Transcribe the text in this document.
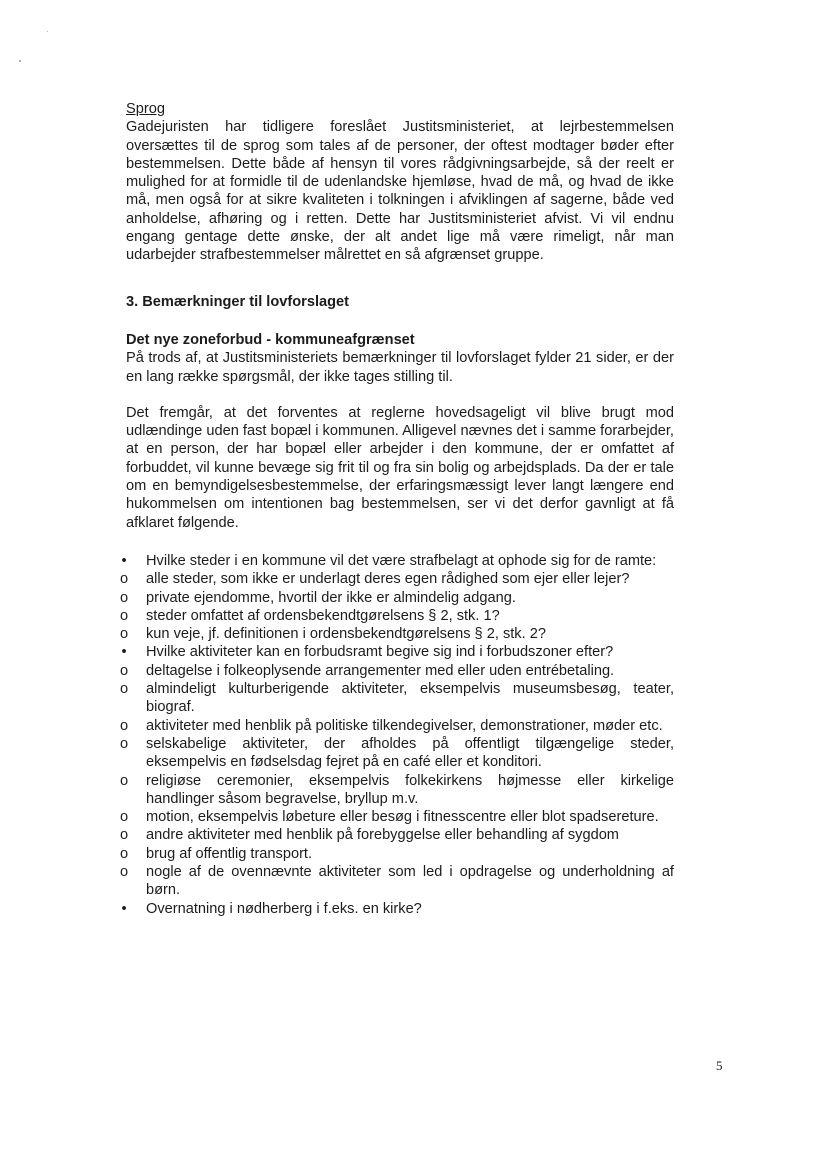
Sprog

Gadejuristen har tidligere foreslået Justitsministeriet, at lejrbestemmelsen oversættes til de sprog som tales af de personer, der oftest modtager bøder efter bestemmelsen. Dette både af hensyn til vores rådgivningsarbejde, så der reelt er mulighed for at formidle til de udenlandske hjemløse, hvad de må, og hvad de ikke må, men også for at sikre kvaliteten i tolkningen i afviklingen af sagerne, både ved anholdelse, afhøring og i retten. Dette har Justitsministeriet afvist. Vi vil endnu engang gentage dette ønske, der alt andet lige må være rimeligt, når man udarbejder strafbestemmelser målrettet en så afgrænset gruppe.

3. Bemærkninger til lovforslaget

Det nye zoneforbud - kommuneafgrænset

På trods af, at Justitsministeriets bemærkninger til lovforslaget fylder 21 sider, er der en lang række spørgsmål, der ikke tages stilling til.

Det fremgår, at det forventes at reglerne hovedsageligt vil blive brugt mod udlændinge uden fast bopæl i kommunen. Alligevel nævnes det i samme forarbejder, at en person, der har bopæl eller arbejder i den kommune, der er omfattet af forbuddet, vil kunne bevæge sig frit til og fra sin bolig og arbejdsplads. Da der er tale om en bemyndigelsesbestemmelse, der erfaringsmæssigt lever langt længere end hukommelsen om intentionen bag bestemmelsen, ser vi det derfor gavnligt at få afklaret følgende.

•	Hvilke steder i en kommune vil det være strafbelagt at ophode sig for de ramte:
o alle steder, som ikke er underlagt deres egen rådighed som ejer eller lejer?
o private ejendomme, hvortil der ikke er almindelig adgang.
o steder omfattet af ordensbekendtgørelsens § 2, stk. 1?
o kun veje, jf. definitionen i ordensbekendtgørelsens § 2, stk. 2?
•	Hvilke aktiviteter kan en forbudsramt begive sig ind i forbudszoner efter?
o deltagelse i folkeoplysende arrangementer med eller uden entrébetaling.
o almindeligt kulturberigende aktiviteter, eksempelvis museumsbesøg, teater, biograf.
o aktiviteter med henblik på politiske tilkendegivelser, demonstrationer, møder etc.
o selskabelige aktiviteter, der afholdes på offentligt tilgængelige steder, eksempelvis en fødselsdag fejret på en café eller et konditori.
o religiøse ceremonier, eksempelvis folkekirkens højmesse eller kirkelige handlinger såsom begravelse, bryllup m.v.
o motion, eksempelvis løbeture eller besøg i fitnesscentre eller blot spadsereture.
o andre aktiviteter med henblik på forebyggelse eller behandling af sygdom
o brug af offentlig transport.
o nogle af de ovennævnte aktiviteter som led i opdragelse og underholdning af børn.
•	Overnatning i nødherberg i f.eks. en kirke?
5
